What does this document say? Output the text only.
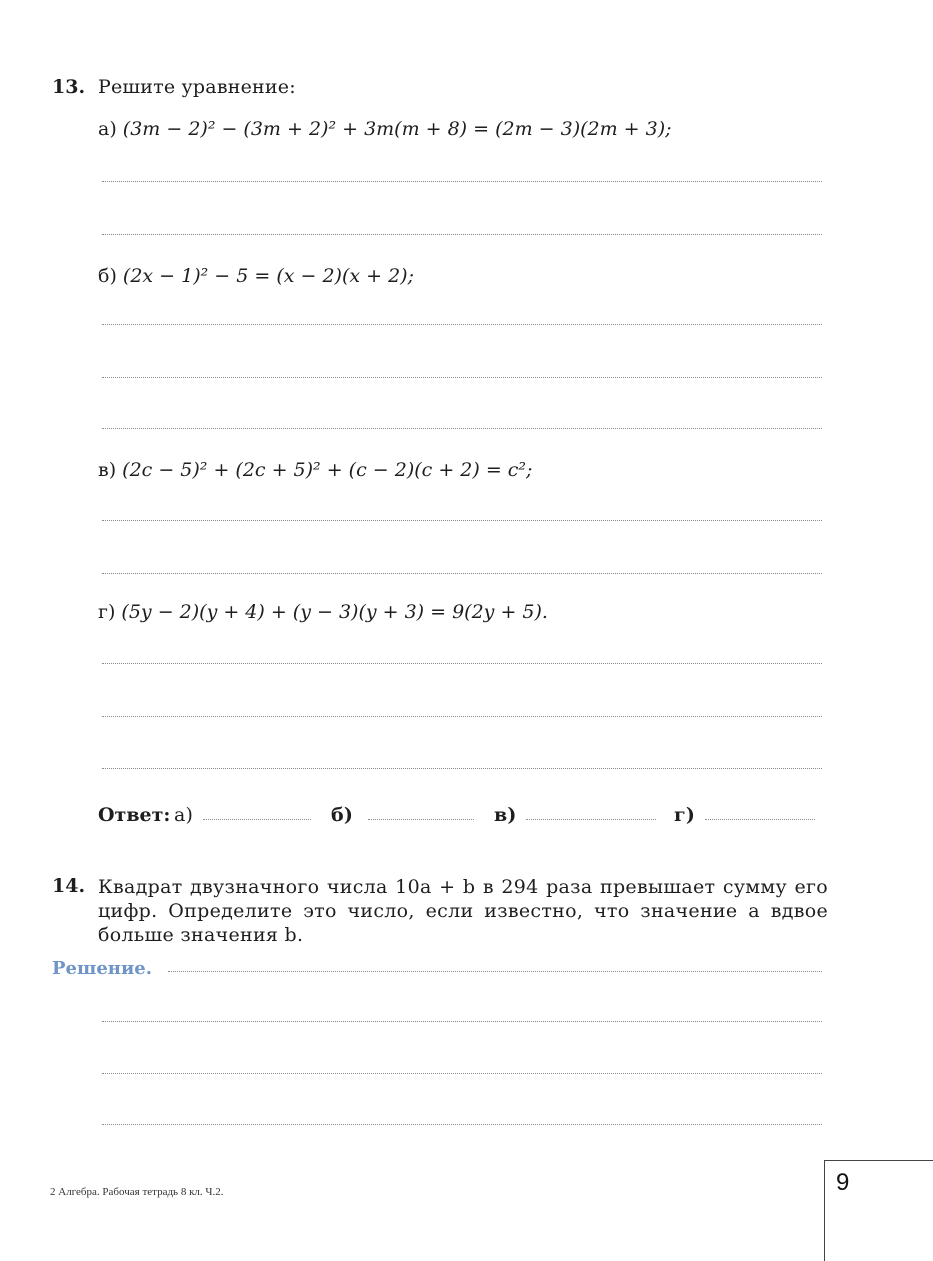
13. Решите уравнение:
а) (3m − 2)² − (3m + 2)² + 3m(m + 8) = (2m − 3)(2m + 3);
б) (2x − 1)² − 5 = (x − 2)(x + 2);
в) (2c − 5)² + (2c + 5)² + (c − 2)(c + 2) = c²;
г) (5y − 2)(y + 4) + (y − 3)(y + 3) = 9(2y + 5).
Ответ: а)	б)	в)	г)
14. Квадрат двузначного числа 10a + b в 294 раза превышает сумму его цифр. Определите это число, если известно, что значение a вдвое больше значения b.
Решение.
2 Алгебра. Рабочая тетрадь 8 кл. Ч.2.	9
